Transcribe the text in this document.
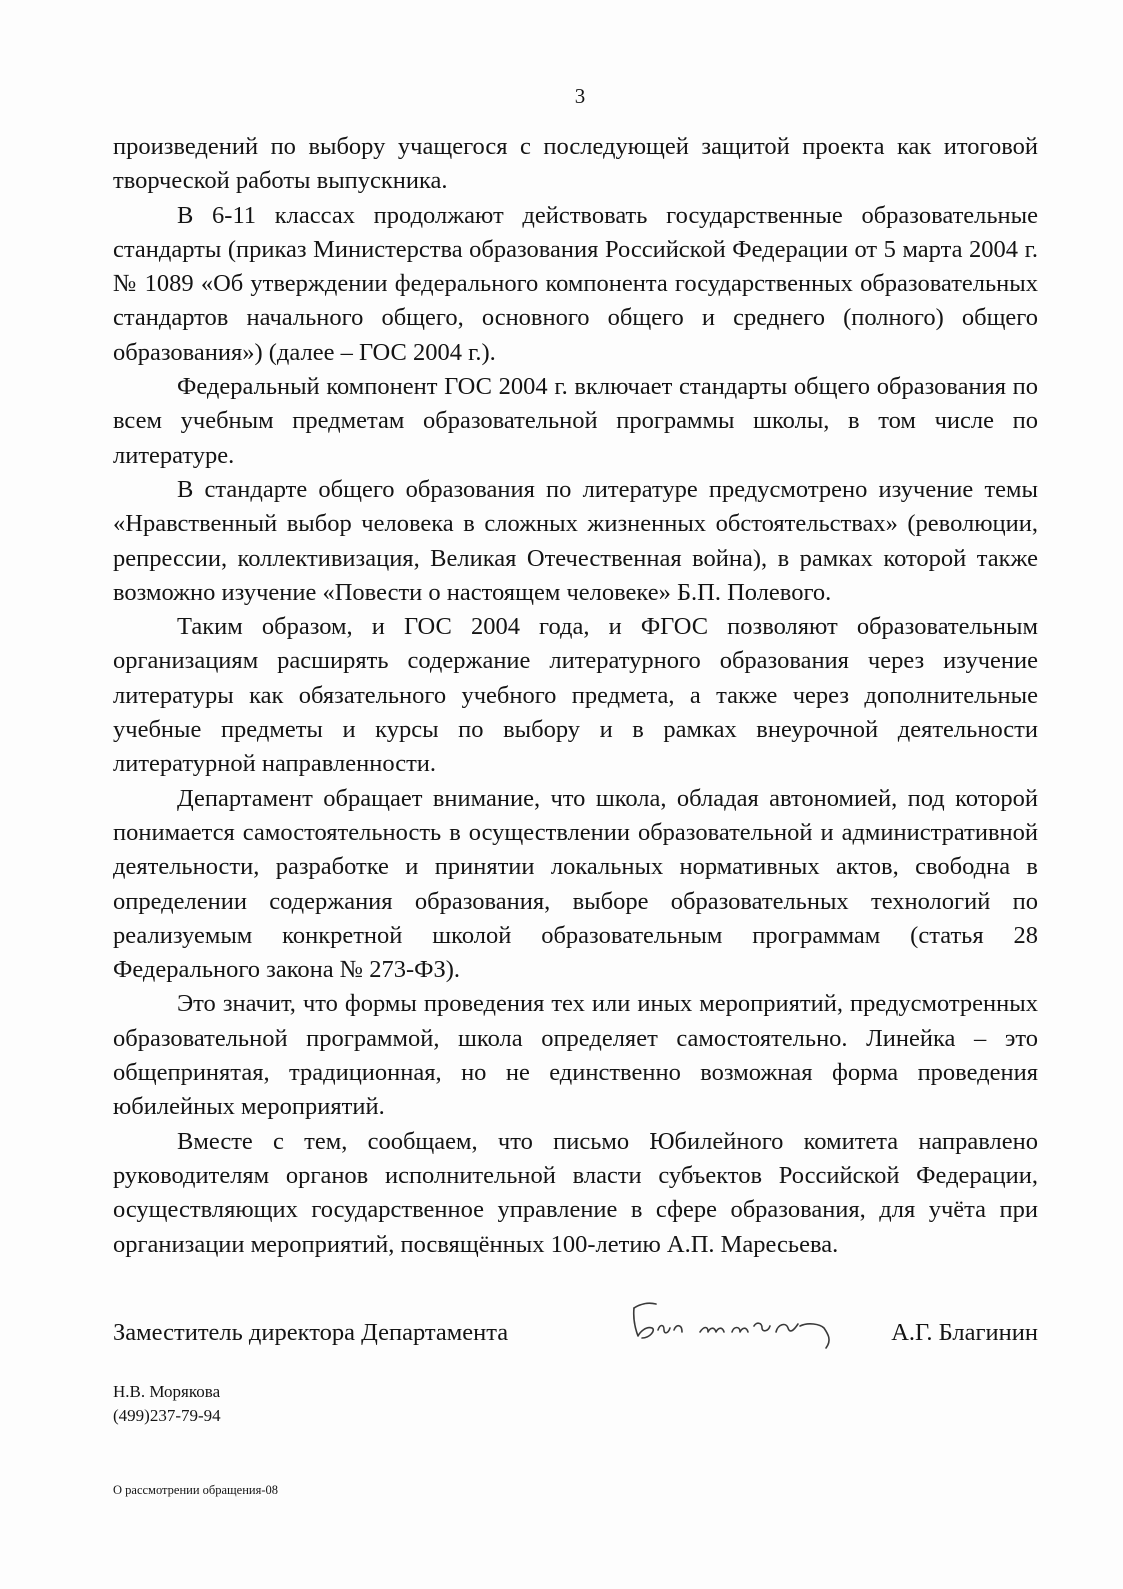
3

произведений по выбору учащегося с последующей защитой проекта как итоговой творческой работы выпускника.

В 6-11 классах продолжают действовать государственные образовательные стандарты (приказ Министерства образования Российской Федерации от 5 марта 2004 г. № 1089 «Об утверждении федерального компонента государственных образовательных стандартов начального общего, основного общего и среднего (полного) общего образования») (далее – ГОС 2004 г.).

Федеральный компонент ГОС 2004 г. включает стандарты общего образования по всем учебным предметам образовательной программы школы, в том числе по литературе.

В стандарте общего образования по литературе предусмотрено изучение темы «Нравственный выбор человека в сложных жизненных обстоятельствах» (революции, репрессии, коллективизация, Великая Отечественная война), в рамках которой также возможно изучение «Повести о настоящем человеке» Б.П. Полевого.

Таким образом, и ГОС 2004 года, и ФГОС позволяют образовательным организациям расширять содержание литературного образования через изучение литературы как обязательного учебного предмета, а также через дополнительные учебные предметы и курсы по выбору и в рамках внеурочной деятельности литературной направленности.

Департамент обращает внимание, что школа, обладая автономией, под которой понимается самостоятельность в осуществлении образовательной и административной деятельности, разработке и принятии локальных нормативных актов, свободна в определении содержания образования, выборе образовательных технологий по реализуемым конкретной школой образовательным программам (статья 28 Федерального закона № 273-ФЗ).

Это значит, что формы проведения тех или иных мероприятий, предусмотренных образовательной программой, школа определяет самостоятельно. Линейка – это общепринятая, традиционная, но не единственно возможная форма проведения юбилейных мероприятий.

Вместе с тем, сообщаем, что письмо Юбилейного комитета направлено руководителям органов исполнительной власти субъектов Российской Федерации, осуществляющих государственное управление в сфере образования, для учёта при организации мероприятий, посвящённых 100-летию А.П. Маресьева.

Заместитель директора Департамента	А.Г. Благинин
Н.В. Морякова
(499)237-79-94
О рассмотрении обращения-08
